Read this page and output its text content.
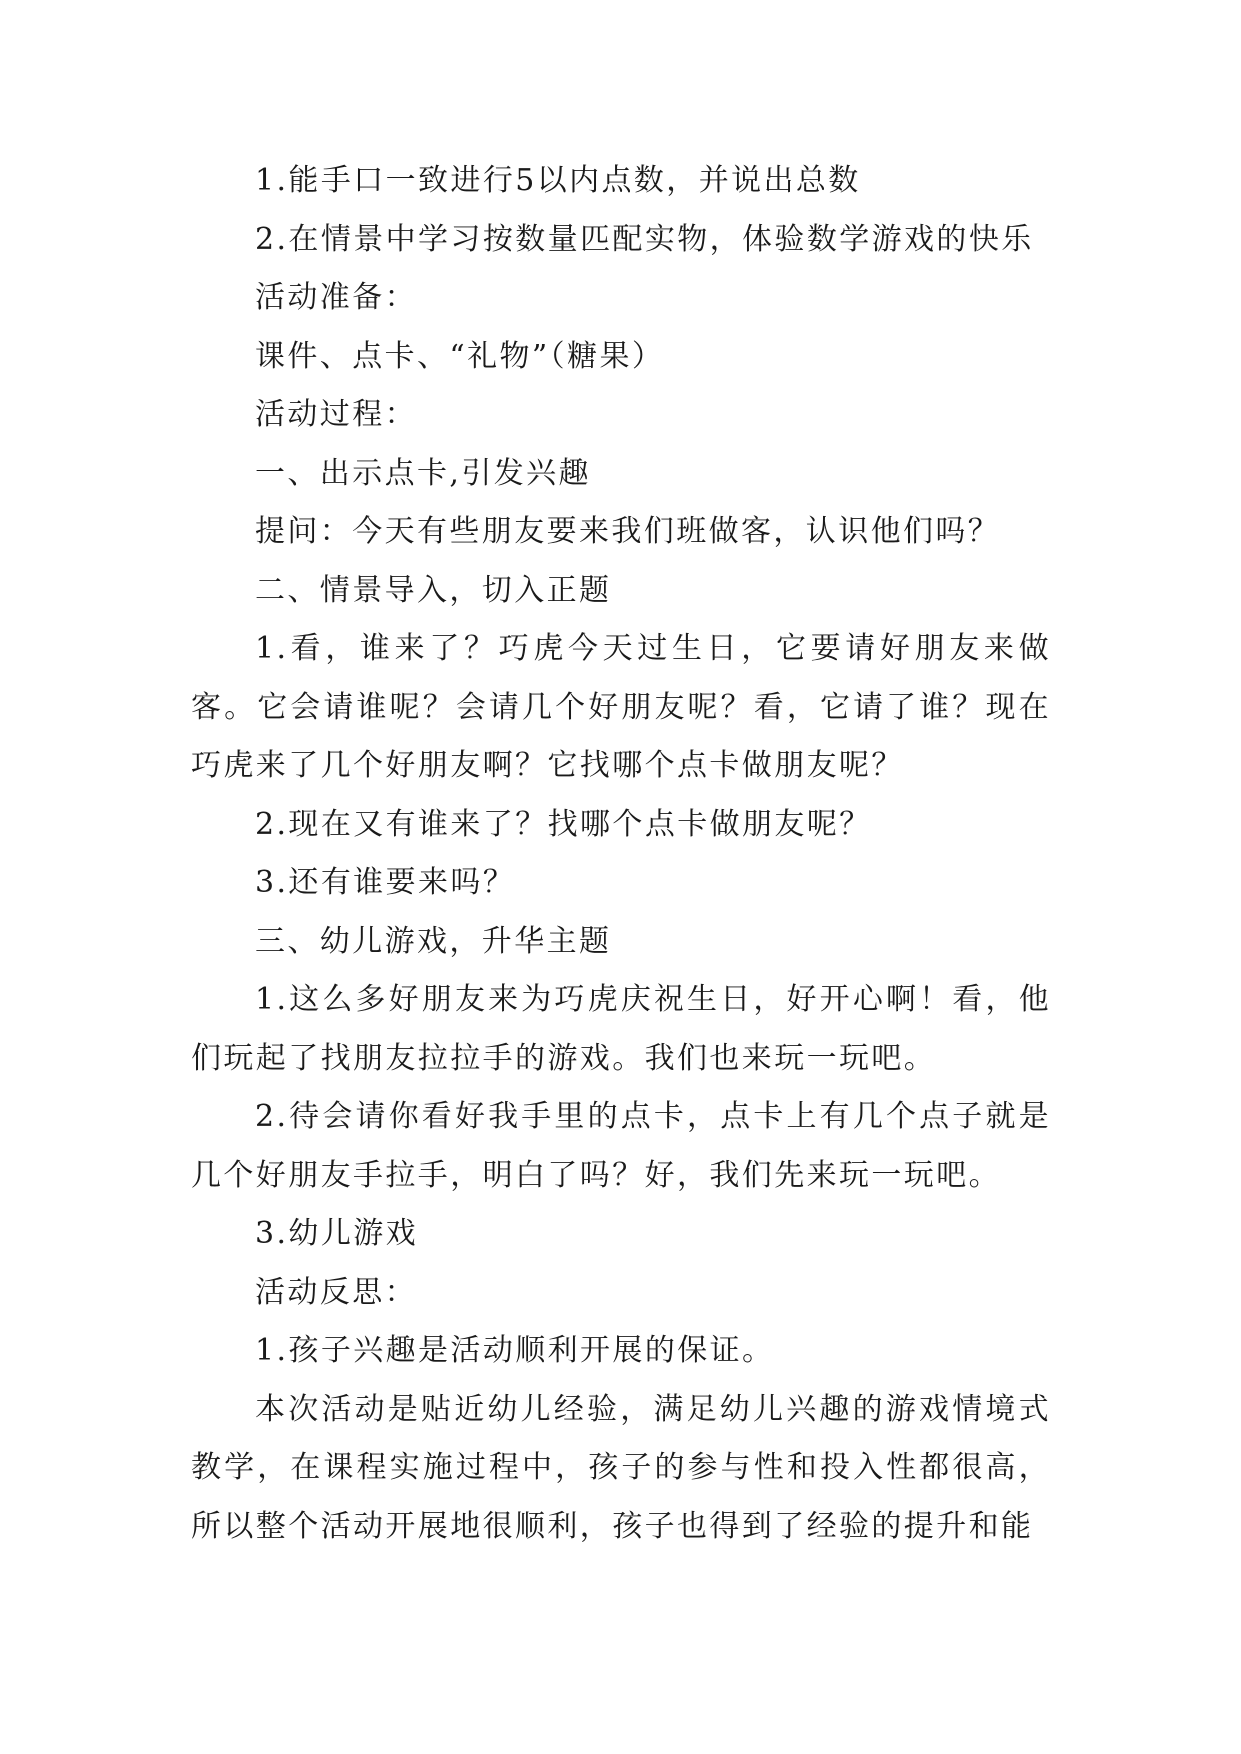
1.能手口一致进行5以内点数，并说出总数

2.在情景中学习按数量匹配实物，体验数学游戏的快乐

活动准备：

课件、点卡、“礼物”（糖果）

活动过程：

一、出示点卡,引发兴趣

提问：今天有些朋友要来我们班做客，认识他们吗？

二、情景导入，切入正题

1.看，谁来了？巧虎今天过生日，它要请好朋友来做客。它会请谁呢？会请几个好朋友呢？看，它请了谁？现在巧虎来了几个好朋友啊？它找哪个点卡做朋友呢？

2.现在又有谁来了？找哪个点卡做朋友呢？

3.还有谁要来吗？

三、幼儿游戏，升华主题

1.这么多好朋友来为巧虎庆祝生日，好开心啊！看，他们玩起了找朋友拉拉手的游戏。我们也来玩一玩吧。

2.待会请你看好我手里的点卡，点卡上有几个点子就是几个好朋友手拉手，明白了吗？好，我们先来玩一玩吧。

3.幼儿游戏

活动反思：

1.孩子兴趣是活动顺利开展的保证。

本次活动是贴近幼儿经验，满足幼儿兴趣的游戏情境式教学，在课程实施过程中，孩子的参与性和投入性都很高，所以整个活动开展地很顺利，孩子也得到了经验的提升和能
